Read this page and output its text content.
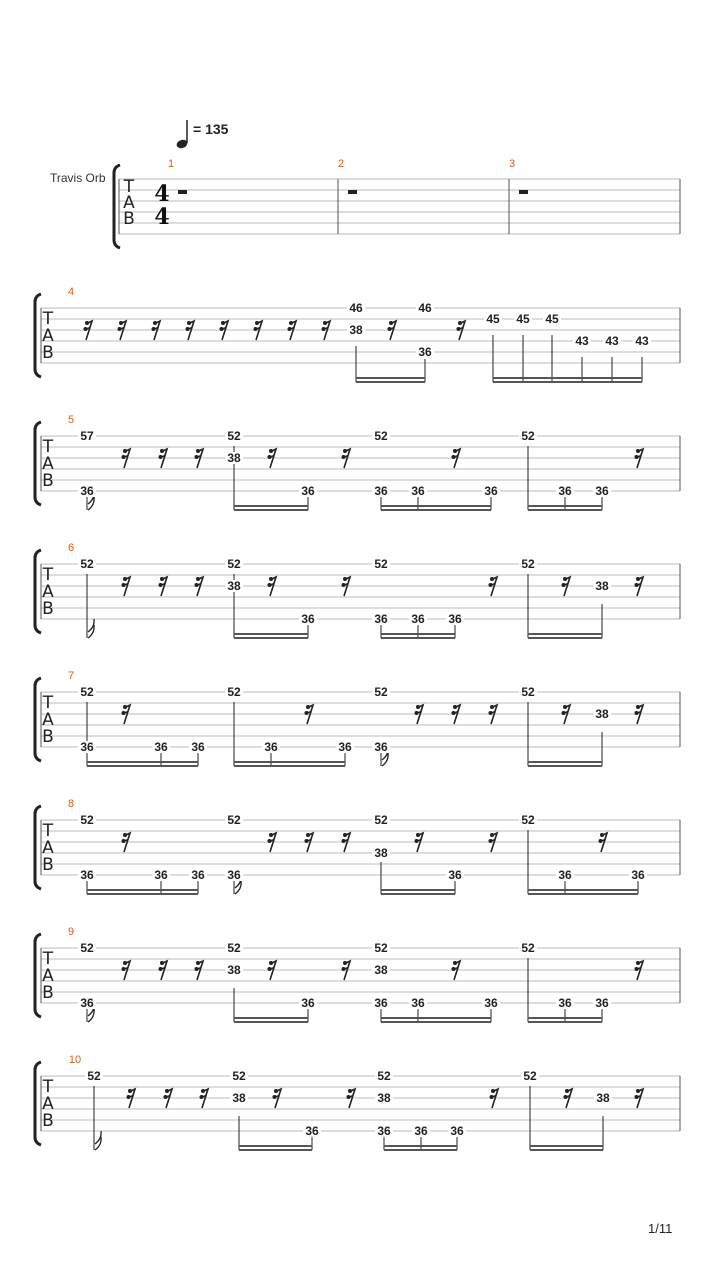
= 135
Travis Orb
1/11
T
A
B
4
4
1	2	3
T
A
B
4
46
38
46
36
45 45 45
43 43 43
T
A
B
5
57
36
52
38
36
52
36 36	36
52
36 36
T
A
B
6
52	52
38
36
52
36 36 36
52
38
T
A
B
7
52
36	36 36
52
36	36
52
36
52
38
T
A
B
8
52
36	36 36
52
36
52
38
36
52
36	36
T
A
B
9
52
36
52
38
36
52
38
36 36	36
52
36 36
T
A
B
10
52	52
38
36
52
38
36 36 36
52
38
